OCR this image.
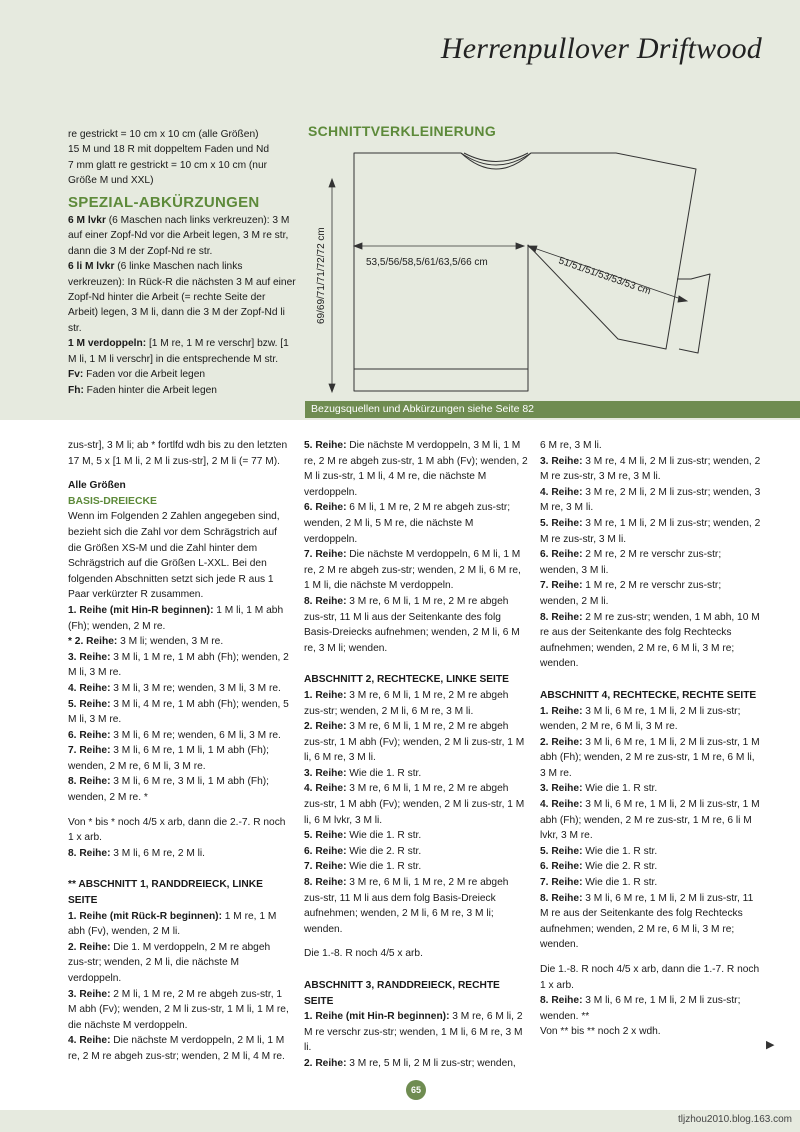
Herrenpullover Driftwood

re gestrickt = 10 cm x 10 cm (alle Größen)

15 M und 18 R mit doppeltem Faden und Nd

7 mm glatt re gestrickt = 10 cm x 10 cm (nur

Größe M und XXL)

SPEZIAL-ABKÜRZUNGEN

6 M lvkr (6 Maschen nach links verkreuzen): 3 M auf einer Zopf-Nd vor die Arbeit legen, 3 M re str, dann die 3 M der Zopf-Nd re str.

6 li M lvkr (6 linke Maschen nach links verkreuzen): In Rück-R die nächsten 3 M auf einer Zopf-Nd hinter die Arbeit (= rechte Seite der Arbeit) legen, 3 M li, dann die 3 M der Zopf-Nd li str.

1 M verdoppeln: [1 M re, 1 M re verschr] bzw. [1 M li, 1 M li verschr] in die entsprechende M str.

Fv: Faden vor die Arbeit legen

Fh: Faden hinter die Arbeit legen

SCHNITTVERKLEINERUNG
69/69/71/71/72/72 cm	53,5/56/58,5/61/63,5/66 cm	51/51/51/53/53/53 cm
Bezugsquellen und Abkürzungen siehe Seite 82

zus-str], 3 M li; ab * fortlfd wdh bis zu den letzten 17 M, 5 x [1 M li, 2 M li zus-str], 2 M li (= 77 M).

Alle Größen

BASIS-DREIECKE

Wenn im Folgenden 2 Zahlen angegeben sind, bezieht sich die Zahl vor dem Schrägstrich auf die Größen XS-M und die Zahl hinter dem Schrägstrich auf die Größen L-XXL. Bei den folgenden Abschnitten setzt sich jede R aus 1 Paar verkürzter R zusammen.

1. Reihe (mit Hin-R beginnen): 1 M li, 1 M abh (Fh); wenden, 2 M re.

* 2. Reihe: 3 M li; wenden, 3 M re.

3. Reihe: 3 M li, 1 M re, 1 M abh (Fh); wenden, 2 M li, 3 M re.

4. Reihe: 3 M li, 3 M re; wenden, 3 M li, 3 M re.

5. Reihe: 3 M li, 4 M re, 1 M abh (Fh); wenden, 5 M li, 3 M re.

6. Reihe: 3 M li, 6 M re; wenden, 6 M li, 3 M re.

7. Reihe: 3 M li, 6 M re, 1 M li, 1 M abh (Fh); wenden, 2 M re, 6 M li, 3 M re.

8. Reihe: 3 M li, 6 M re, 3 M li, 1 M abh (Fh); wenden, 2 M re. *

Von * bis * noch 4/5 x arb, dann die 2.-7. R noch 1 x arb.

8. Reihe: 3 M li, 6 M re, 2 M li.

** ABSCHNITT 1, RANDDREIECK, LINKE SEITE

1. Reihe (mit Rück-R beginnen): 1 M re, 1 M abh (Fv), wenden, 2 M li.

2. Reihe: Die 1. M verdoppeln, 2 M re abgeh zus-str; wenden, 2 M li, die nächste M verdoppeln.

3. Reihe: 2 M li, 1 M re, 2 M re abgeh zus-str, 1 M abh (Fv); wenden, 2 M li zus-str, 1 M li, 1 M re, die nächste M verdoppeln.

4. Reihe: Die nächste M verdoppeln, 2 M li, 1 M re, 2 M re abgeh zus-str; wenden, 2 M li, 4 M re.

5. Reihe: Die nächste M verdoppeln, 3 M li, 1 M re, 2 M re abgeh zus-str, 1 M abh (Fv); wenden, 2 M li zus-str, 1 M li, 4 M re, die nächste M verdoppeln.

6. Reihe: 6 M li, 1 M re, 2 M re abgeh zus-str; wenden, 2 M li, 5 M re, die nächste M verdoppeln.

7. Reihe: Die nächste M verdoppeln, 6 M li, 1 M re, 2 M re abgeh zus-str; wenden, 2 M li, 6 M re, 1 M li, die nächste M verdoppeln.

8. Reihe: 3 M re, 6 M li, 1 M re, 2 M re abgeh zus-str, 11 M li aus der Seitenkante des folg Basis-Dreiecks aufnehmen; wenden, 2 M li, 6 M re, 3 M li; wenden.

ABSCHNITT 2, RECHTECKE, LINKE SEITE

1. Reihe: 3 M re, 6 M li, 1 M re, 2 M re abgeh zus-str; wenden, 2 M li, 6 M re, 3 M li.

2. Reihe: 3 M re, 6 M li, 1 M re, 2 M re abgeh zus-str, 1 M abh (Fv); wenden, 2 M li zus-str, 1 M li, 6 M re, 3 M li.

3. Reihe: Wie die 1. R str.

4. Reihe: 3 M re, 6 M li, 1 M re, 2 M re abgeh zus-str, 1 M abh (Fv); wenden, 2 M li zus-str, 1 M li, 6 M lvkr, 3 M li.

5. Reihe: Wie die 1. R str.

6. Reihe: Wie die 2. R str.

7. Reihe: Wie die 1. R str.

8. Reihe: 3 M re, 6 M li, 1 M re, 2 M re abgeh zus-str, 11 M li aus dem folg Basis-Dreieck aufnehmen; wenden, 2 M li, 6 M re, 3 M li; wenden.

Die 1.-8. R noch 4/5 x arb.

ABSCHNITT 3, RANDDREIECK, RECHTE SEITE

1. Reihe (mit Hin-R beginnen): 3 M re, 6 M li, 2 M re verschr zus-str; wenden, 1 M li, 6 M re, 3 M li.

2. Reihe: 3 M re, 5 M li, 2 M li zus-str; wenden,

6 M re, 3 M li.

3. Reihe: 3 M re, 4 M li, 2 M li zus-str; wenden, 2 M re zus-str, 3 M re, 3 M li.

4. Reihe: 3 M re, 2 M li, 2 M li zus-str; wenden, 3 M re, 3 M li.

5. Reihe: 3 M re, 1 M li, 2 M li zus-str; wenden, 2 M re zus-str, 3 M li.

6. Reihe: 2 M re, 2 M re verschr zus-str; wenden, 3 M li.

7. Reihe: 1 M re, 2 M re verschr zus-str; wenden, 2 M li.

8. Reihe: 2 M re zus-str; wenden, 1 M abh, 10 M re aus der Seitenkante des folg Rechtecks aufnehmen; wenden, 2 M re, 6 M li, 3 M re; wenden.

ABSCHNITT 4, RECHTECKE, RECHTE SEITE

1. Reihe: 3 M li, 6 M re, 1 M li, 2 M li zus-str; wenden, 2 M re, 6 M li, 3 M re.

2. Reihe: 3 M li, 6 M re, 1 M li, 2 M li zus-str, 1 M abh (Fh); wenden, 2 M re zus-str, 1 M re, 6 M li, 3 M re.

3. Reihe: Wie die 1. R str.

4. Reihe: 3 M li, 6 M re, 1 M li, 2 M li zus-str, 1 M abh (Fh); wenden, 2 M re zus-str, 1 M re, 6 li M lvkr, 3 M re.

5. Reihe: Wie die 1. R str.

6. Reihe: Wie die 2. R str.

7. Reihe: Wie die 1. R str.

8. Reihe: 3 M li, 6 M re, 1 M li, 2 M li zus-str, 11 M re aus der Seitenkante des folg Rechtecks aufnehmen; wenden, 2 M re, 6 M li, 3 M re; wenden.

Die 1.-8. R noch 4/5 x arb, dann die 1.-7. R noch 1 x arb.

8. Reihe: 3 M li, 6 M re, 1 M li, 2 M li zus-str; wenden. **

Von ** bis ** noch 2 x wdh.

▶
65
tljzhou2010.blog.163.com
